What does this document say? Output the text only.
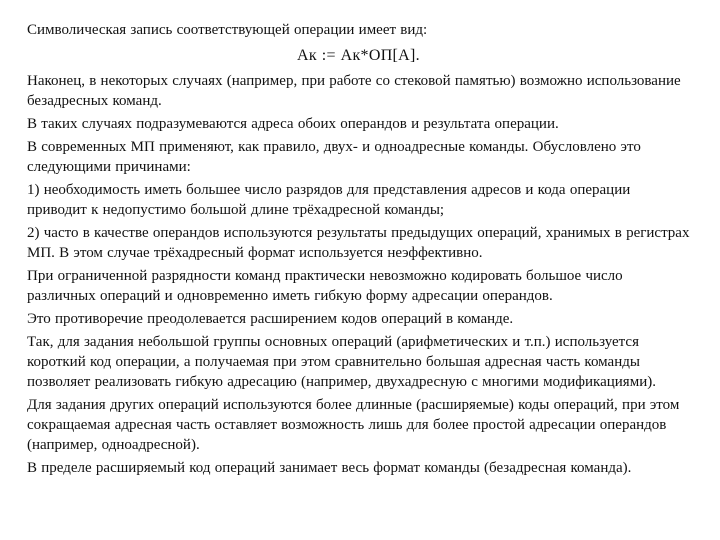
Символическая запись соответствующей операции имеет вид:

Ак := Ак*ОП[А].

Наконец, в некоторых случаях (например, при работе со стековой памятью) возможно использование безадресных команд.

В таких случаях подразумеваются адреса обоих операндов и результата операции.

В современных МП применяют, как правило, двух- и одноадресные команды. Обусловлено это следующими причинами:

1) необходимость иметь большее число разрядов для представления адресов и кода операции приводит к недопустимо большой длине трёхадресной команды;

2) часто в качестве операндов используются результаты предыдущих операций, хранимых в регистрах МП. В этом случае трёхадресный формат используется неэффективно.

При ограниченной разрядности команд практически невозможно кодировать большое число различных операций и одновременно иметь гибкую форму адресации операндов.

Это противоречие преодолевается расширением кодов операций в команде.

Так, для задания небольшой группы основных операций (арифметических и т.п.) используется короткий код операции, а получаемая при этом сравнительно большая адресная часть команды позволяет реализовать гибкую адресацию (например, двухадресную с многими модификациями).

Для задания других операций используются более длинные (расширяемые) коды операций, при этом сокращаемая адресная часть оставляет возможность лишь для более простой адресации операндов (например, одноадресной).

В пределе расширяемый код операций занимает весь формат команды (безадресная команда).
